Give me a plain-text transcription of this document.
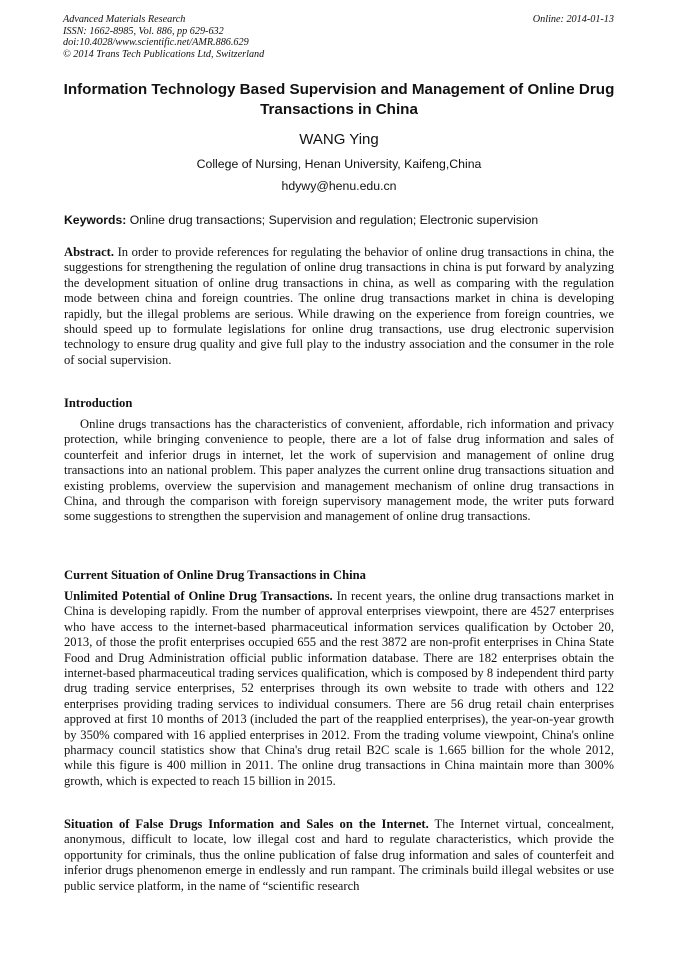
Advanced Materials Research
ISSN: 1662-8985, Vol. 886, pp 629-632
doi:10.4028/www.scientific.net/AMR.886.629
© 2014 Trans Tech Publications Ltd, Switzerland
Online: 2014-01-13
Information Technology Based Supervision and Management of Online Drug Transactions in China
WANG Ying
College of Nursing, Henan University, Kaifeng,China
hdywy@henu.edu.cn
Keywords: Online drug transactions; Supervision and regulation; Electronic supervision
Abstract. In order to provide references for regulating the behavior of online drug transactions in china, the suggestions for strengthening the regulation of online drug transactions in china is put forward by analyzing the development situation of online drug transactions in china, as well as comparing with the regulation mode between china and foreign countries. The online drug transactions market in china is developing rapidly, but the illegal problems are serious. While drawing on the experience from foreign countries, we should speed up to formulate legislations for online drug transactions, use drug electronic supervision technology to ensure drug quality and give full play to the industry association and the consumer in the role of social supervision.
Introduction
Online drugs transactions has the characteristics of convenient, affordable, rich information and privacy protection, while bringing convenience to people, there are a lot of false drug information and sales of counterfeit and inferior drugs in internet, let the work of supervision and management of online drug transactions into an national problem. This paper analyzes the current online drug transactions situation and existing problems, overview the supervision and management mechanism of online drug transactions in China, and through the comparison with foreign supervisory management mode, the writer puts forward some suggestions to strengthen the supervision and management of online drug transactions.
Current Situation of Online Drug Transactions in China
Unlimited Potential of Online Drug Transactions. In recent years, the online drug transactions market in China is developing rapidly. From the number of approval enterprises viewpoint, there are 4527 enterprises who have access to the internet-based pharmaceutical information services qualification by October 20, 2013, of those the profit enterprises occupied 655 and the rest 3872 are non-profit enterprises in China State Food and Drug Administration official public information database. There are 182 enterprises obtain the internet-based pharmaceutical trading services qualification, which is composed by 8 independent third party drug trading service enterprises, 52 enterprises through its own website to trade with others and 122 enterprises providing trading services to individual consumers. There are 56 drug retail chain enterprises approved at first 10 months of 2013 (included the part of the reapplied enterprises), the year-on-year growth by 350% compared with 16 applied enterprises in 2012. From the trading volume viewpoint, China's online pharmacy council statistics show that China's drug retail B2C scale is 1.665 billion for the whole 2012, while this figure is 400 million in 2011. The online drug transactions in China maintain more than 300% growth, which is expected to reach 15 billion in 2015.
Situation of False Drugs Information and Sales on the Internet. The Internet virtual, concealment, anonymous, difficult to locate, low illegal cost and hard to regulate characteristics, which provide the opportunity for criminals, thus the online publication of false drug information and sales of counterfeit and inferior drugs phenomenon emerge in endlessly and run rampant. The criminals build illegal websites or use public service platform, in the name of “scientific research
